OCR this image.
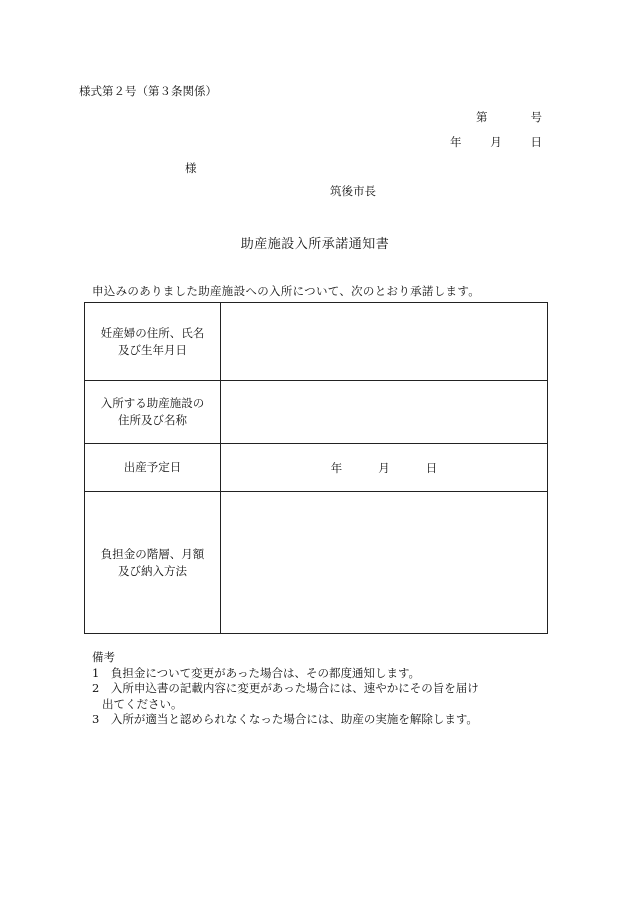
様式第２号（第３条関係）
第	号
年	月	日
様
筑後市長
助産施設入所承諾通知書
申込みのありました助産施設への入所について、次のとおり承諾します。
妊産婦の住所、氏名
及び生年月日	

入所する助産施設の
住所及び名称	

出産予定日	年 月 日

負担金の階層、月額
及び納入方法	

備考
1　負担金について変更があった場合は、その都度通知します。
2　入所申込書の記載内容に変更があった場合には、速やかにその旨を届け
出てください。
3　入所が適当と認められなくなった場合には、助産の実施を解除します。
